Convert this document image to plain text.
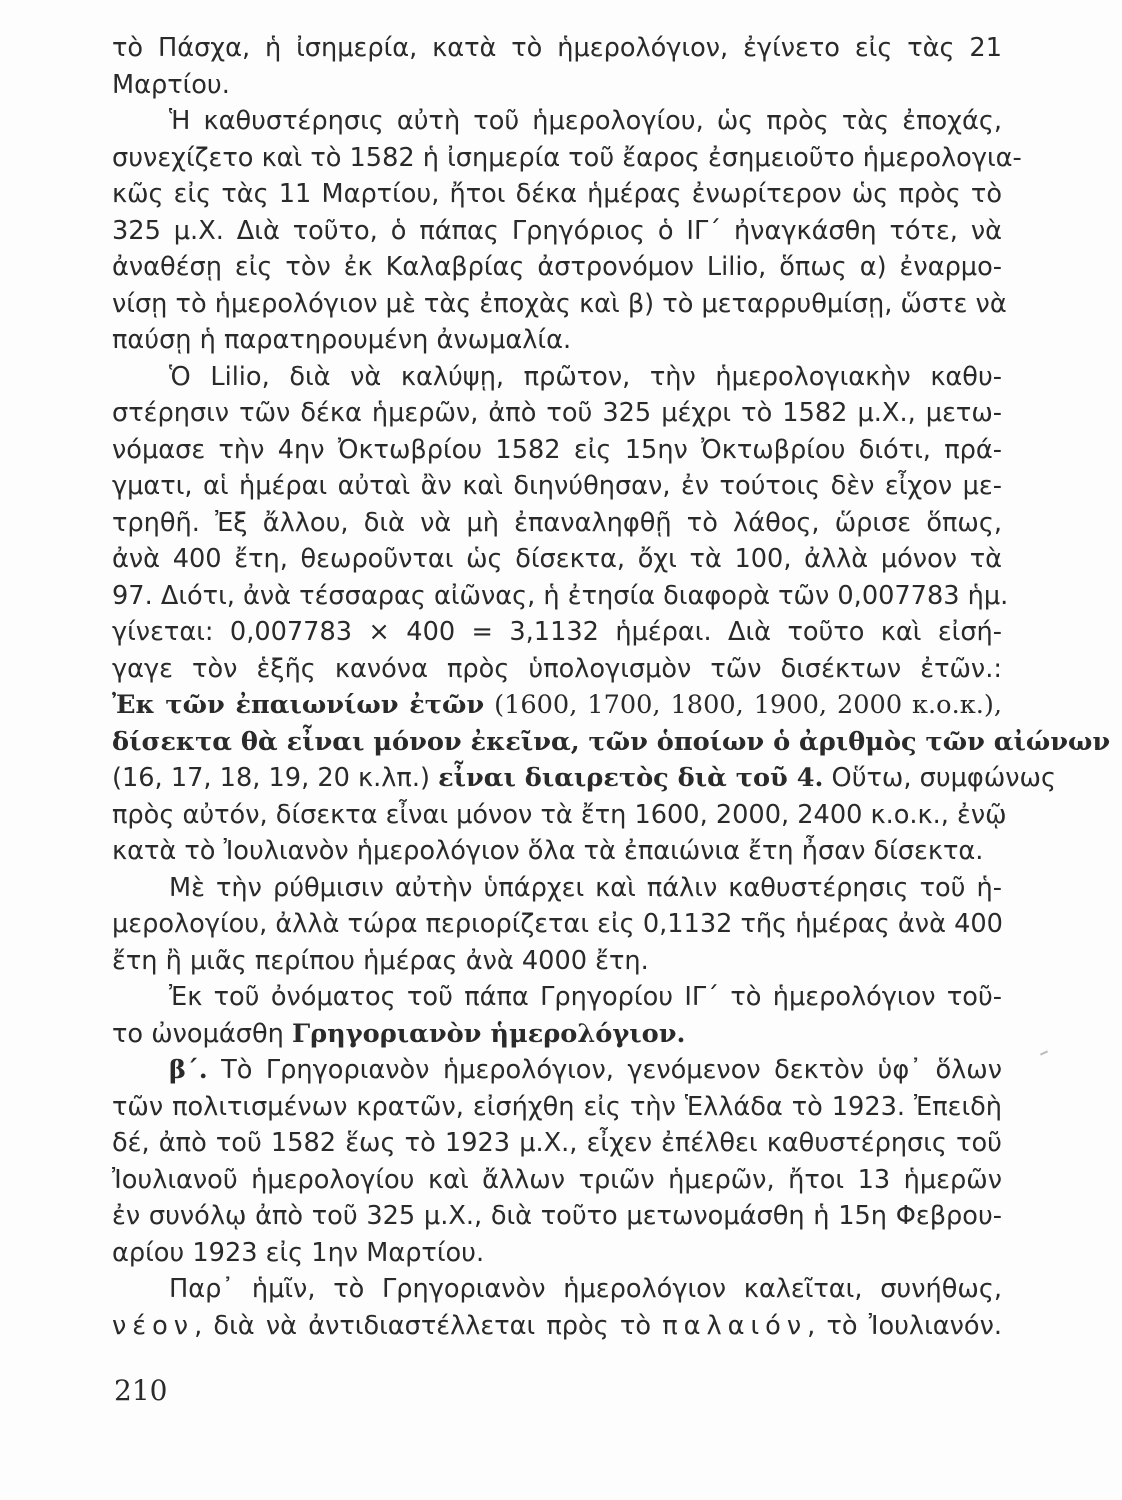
τὸ Πάσχα, ἡ ἰσημερία, κατὰ τὸ ἡμερολόγιον, ἐγίνετο εἰς τὰς 21
Μαρτίου.
Ἡ καθυστέρησις αὐτὴ τοῦ ἡμερολογίου, ὡς πρὸς τὰς ἐποχάς,
συνεχίζετο καὶ τὸ 1582 ἡ ἰσημερία τοῦ ἔαρος ἐσημειοῦτο ἡμερολογια-
κῶς εἰς τὰς 11 Μαρτίου, ἤτοι δέκα ἡμέρας ἐνωρίτερον ὡς πρὸς τὸ
325 μ.Χ. Διὰ τοῦτο, ὁ πάπας Γρηγόριος ὁ ΙΓ΄ ἠναγκάσθη τότε, νὰ
ἀναθέσῃ εἰς τὸν ἐκ Καλαβρίας ἀστρονόμον Lilio, ὅπως α) ἐναρμο-
νίσῃ τὸ ἡμερολόγιον μὲ τὰς ἐποχὰς καὶ β) τὸ μεταρρυθμίσῃ, ὥστε νὰ
παύσῃ ἡ παρατηρουμένη ἀνωμαλία.
Ὁ Lilio, διὰ νὰ καλύψῃ, πρῶτον, τὴν ἡμερολογιακὴν καθυ-
στέρησιν τῶν δέκα ἡμερῶν, ἀπὸ τοῦ 325 μέχρι τὸ 1582 μ.Χ., μετω-
νόμασε τὴν 4ην Ὀκτωβρίου 1582 εἰς 15ην Ὀκτωβρίου διότι, πρά-
γματι, αἱ ἡμέραι αὐταὶ ἂν καὶ διηνύθησαν, ἐν τούτοις δὲν εἶχον με-
τρηθῆ. Ἐξ ἄλλου, διὰ νὰ μὴ ἐπαναληφθῇ τὸ λάθος, ὥρισε ὅπως,
ἀνὰ 400 ἔτη, θεωροῦνται ὡς δίσεκτα, ὄχι τὰ 100, ἀλλὰ μόνον τὰ
97. Διότι, ἀνὰ τέσσαρας αἰῶνας, ἡ ἐτησία διαφορὰ τῶν 0,007783 ἡμ.
γίνεται: 0,007783 × 400 = 3,1132 ἡμέραι. Διὰ τοῦτο καὶ εἰσή-
γαγε τὸν ἑξῆς κανόνα πρὸς ὑπολογισμὸν τῶν δισέκτων ἐτῶν.:
Ἐκ τῶν ἐπαιωνίων ἐτῶν (1600, 1700, 1800, 1900, 2000 κ.ο.κ.),
δίσεκτα θὰ εἶναι μόνον ἐκεῖνα, τῶν ὁποίων ὁ ἀριθμὸς τῶν αἰώνων
(16, 17, 18, 19, 20 κ.λπ.) εἶναι διαιρετὸς διὰ τοῦ 4. Οὕτω, συμφώνως
πρὸς αὐτόν, δίσεκτα εἶναι μόνον τὰ ἔτη 1600, 2000, 2400 κ.ο.κ., ἐνῷ
κατὰ τὸ Ἰουλιανὸν ἡμερολόγιον ὅλα τὰ ἐπαιώνια ἔτη ἦσαν δίσεκτα.
Μὲ τὴν ρύθμισιν αὐτὴν ὑπάρχει καὶ πάλιν καθυστέρησις τοῦ ἡ-
μερολογίου, ἀλλὰ τώρα περιορίζεται εἰς 0,1132 τῆς ἡμέρας ἀνὰ 400
ἔτη ἢ μιᾶς περίπου ἡμέρας ἀνὰ 4000 ἔτη.
Ἐκ τοῦ ὀνόματος τοῦ πάπα Γρηγορίου ΙΓ΄ τὸ ἡμερολόγιον τοῦ-
το ὠνομάσθη Γρηγοριανὸν ἡμερολόγιον.
β΄. Τὸ Γρηγοριανὸν ἡμερολόγιον, γενόμενον δεκτὸν ὑφ᾽ ὅλων
τῶν πολιτισμένων κρατῶν, εἰσήχθη εἰς τὴν Ἑλλάδα τὸ 1923. Ἐπειδὴ
δέ, ἀπὸ τοῦ 1582 ἕως τὸ 1923 μ.Χ., εἶχεν ἐπέλθει καθυστέρησις τοῦ
Ἰουλιανοῦ ἡμερολογίου καὶ ἄλλων τριῶν ἡμερῶν, ἤτοι 13 ἡμερῶν
ἐν συνόλῳ ἀπὸ τοῦ 325 μ.Χ., διὰ τοῦτο μετωνομάσθη ἡ 15η Φεβρου-
αρίου 1923 εἰς 1ην Μαρτίου.
Παρ᾽ ἡμῖν, τὸ Γρηγοριανὸν ἡμερολόγιον καλεῖται, συνήθως,
νέον, διὰ νὰ ἀντιδιαστέλλεται πρὸς τὸ παλαιόν, τὸ Ἰουλιανόν.
210
